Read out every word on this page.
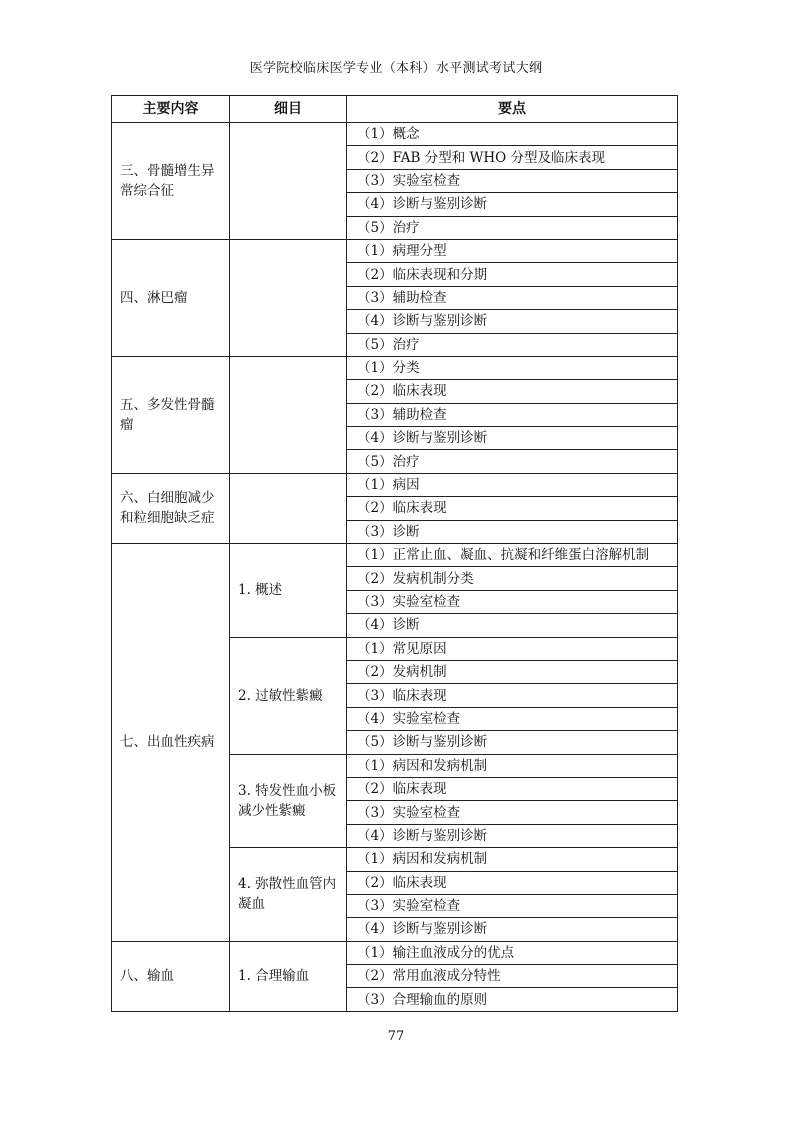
医学院校临床医学专业（本科）水平测试考试大纲
主要内容	细目	要点
三、骨髓增生异常综合征		（1）概念
		（2）FAB 分型和 WHO 分型及临床表现
		（3）实验室检查
		（4）诊断与鉴别诊断
		（5）治疗
四、淋巴瘤		（1）病理分型
		（2）临床表现和分期
		（3）辅助检查
		（4）诊断与鉴别诊断
		（5）治疗
五、多发性骨髓瘤		（1）分类
		（2）临床表现
		（3）辅助检查
		（4）诊断与鉴别诊断
		（5）治疗
六、白细胞减少和粒细胞缺乏症		（1）病因
		（2）临床表现
		（3）诊断
七、出血性疾病	1. 概述	（1）正常止血、凝血、抗凝和纤维蛋白溶解机制
		（2）发病机制分类
		（3）实验室检查
		（4）诊断
	2. 过敏性紫癜	（1）常见原因
		（2）发病机制
		（3）临床表现
		（4）实验室检查
		（5）诊断与鉴别诊断
	3. 特发性血小板减少性紫癜	（1）病因和发病机制
		（2）临床表现
		（3）实验室检查
		（4）诊断与鉴别诊断
	4. 弥散性血管内凝血	（1）病因和发病机制
		（2）临床表现
		（3）实验室检查
		（4）诊断与鉴别诊断
八、输血	1. 合理输血	（1）输注血液成分的优点
		（2）常用血液成分特性
		（3）合理输血的原则
77
